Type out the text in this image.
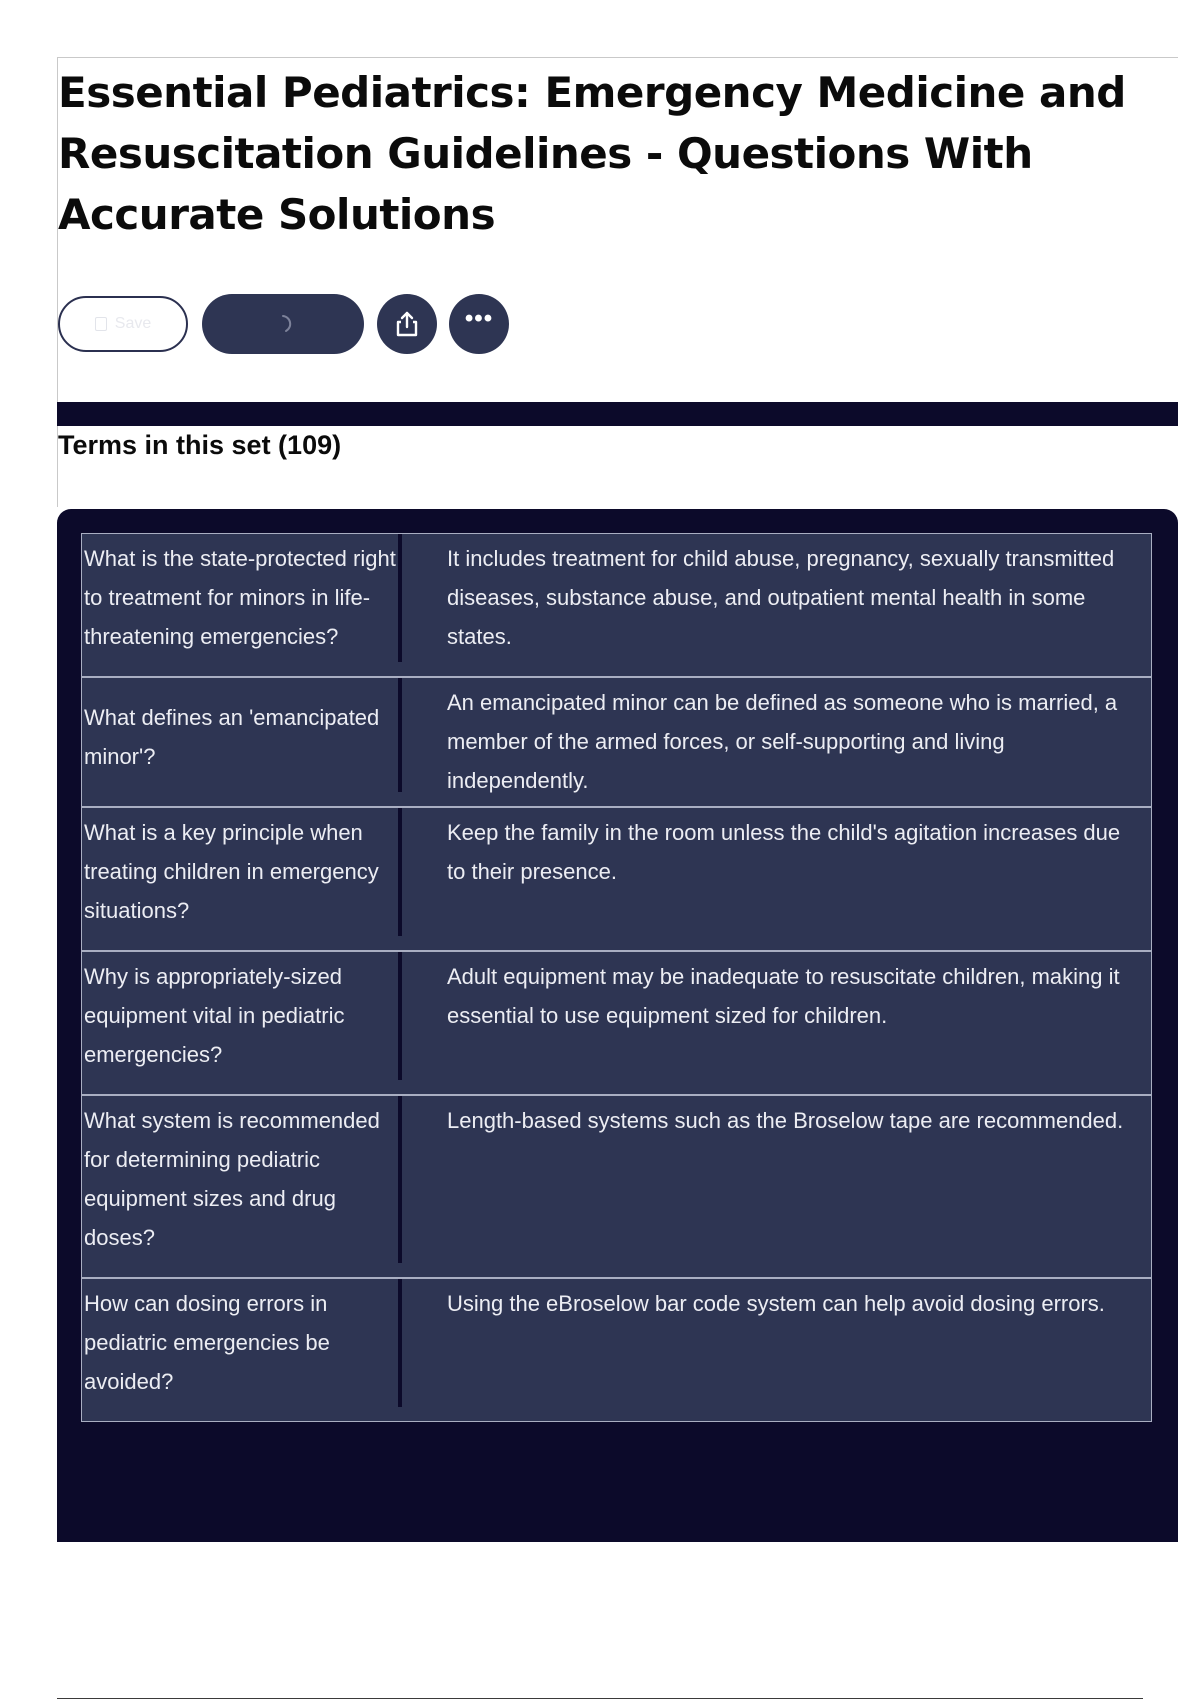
Essential Pediatrics: Emergency Medicine and Resuscitation Guidelines - Questions With Accurate Solutions
Save	•••
Terms in this set (109)
What is the state-protected right to treatment for minors in life-threatening emergencies?
It includes treatment for child abuse, pregnancy, sexually transmitted diseases, substance abuse, and outpatient mental health in some states.
What defines an 'emancipated minor'?
An emancipated minor can be defined as someone who is married, a member of the armed forces, or self-supporting and living independently.
What is a key principle when treating children in emergency situations?
Keep the family in the room unless the child's agitation increases due to their presence.
Why is appropriately-sized equipment vital in pediatric emergencies?
Adult equipment may be inadequate to resuscitate children, making it essential to use equipment sized for children.
What system is recommended for determining pediatric equipment sizes and drug doses?
Length-based systems such as the Broselow tape are recommended.
How can dosing errors in pediatric emergencies be avoided?
Using the eBroselow bar code system can help avoid dosing errors.
